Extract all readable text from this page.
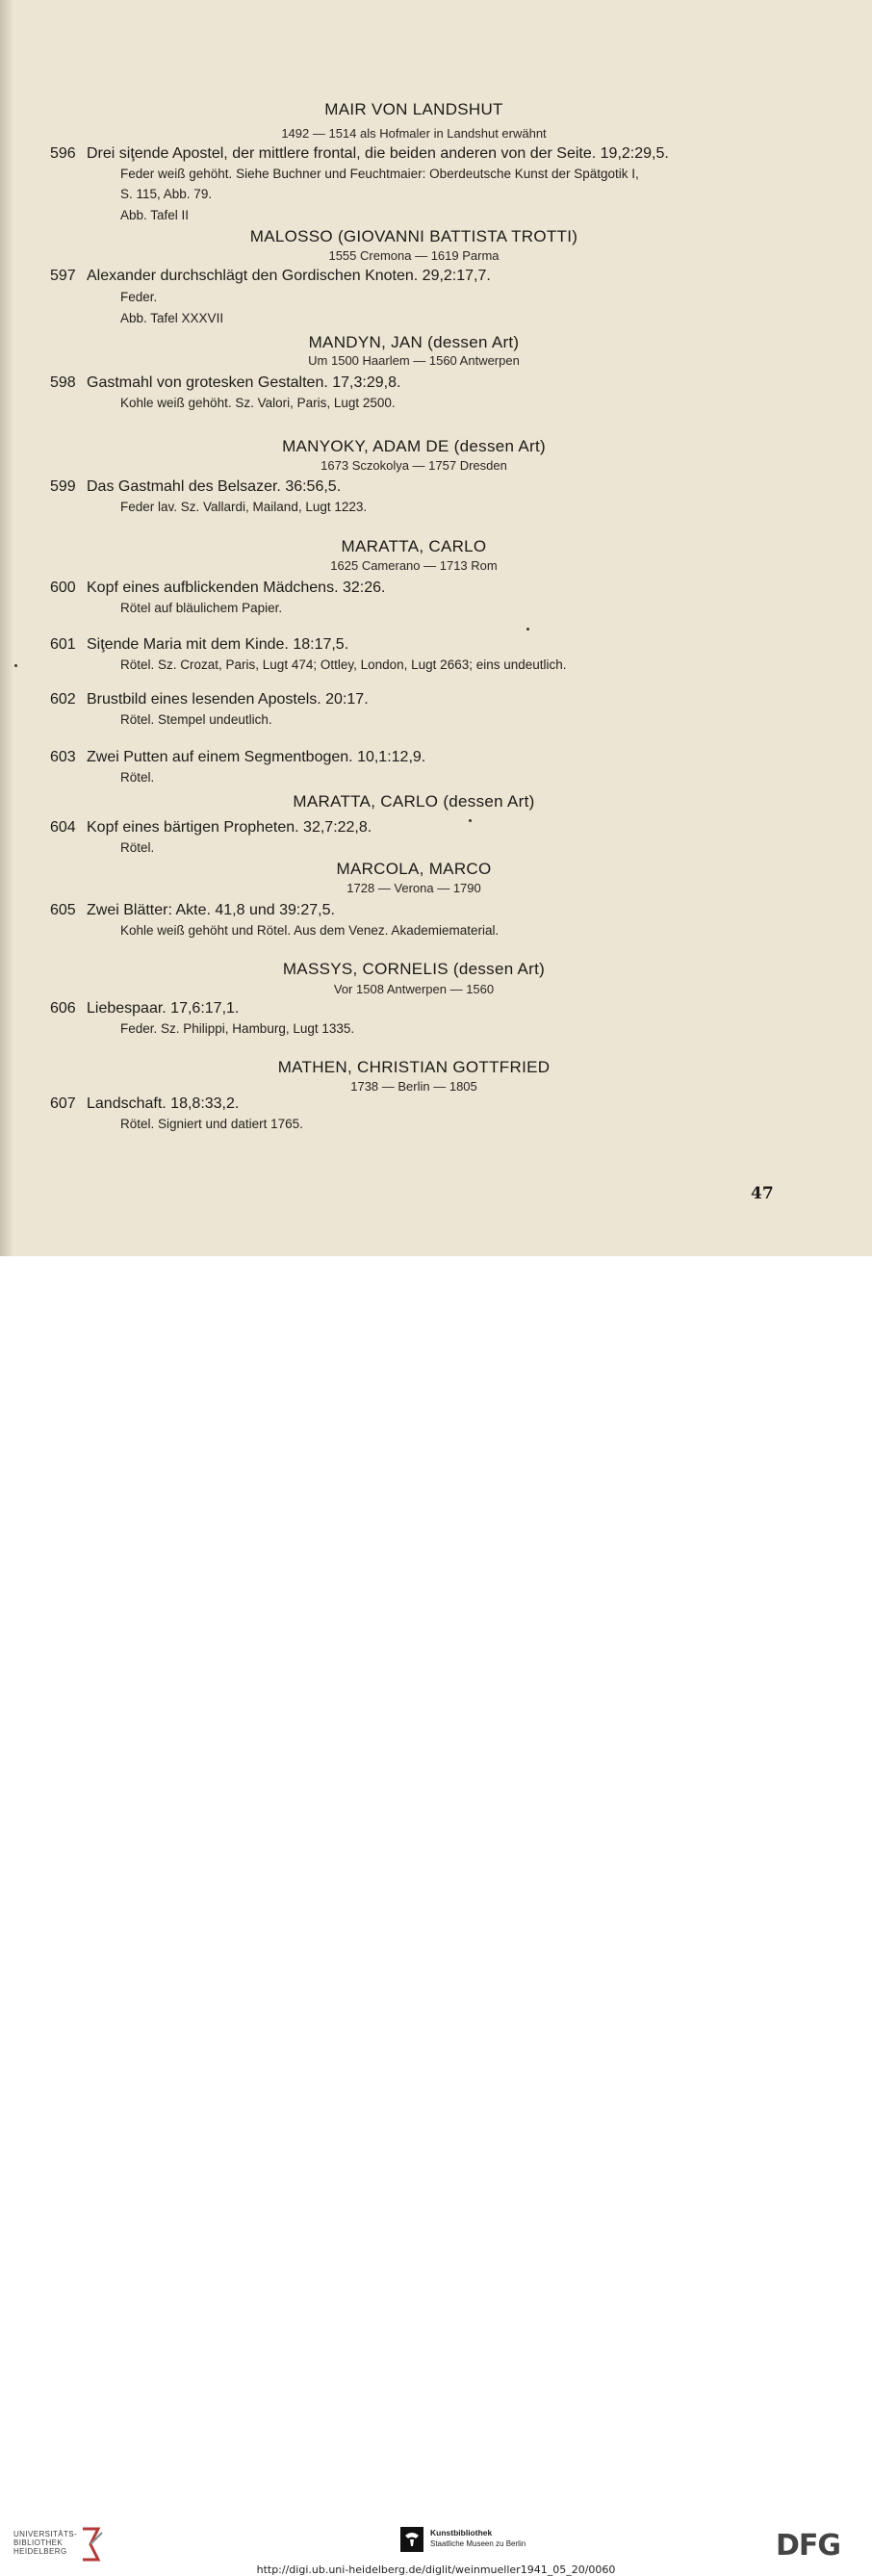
MAIR VON LANDSHUT
1492 — 1514 als Hofmaler in Landshut erwähnt
596 Drei siţende Apostel, der mittlere frontal, die beiden anderen von der Seite. 19,2:29,5.
Feder weiß gehöht. Siehe Buchner und Feuchtmaier: Oberdeutsche Kunst der Spätgotik I,
S. 115, Abb. 79.
Abb. Tafel II
MALOSSO (GIOVANNI BATTISTA TROTTI)
1555 Cremona — 1619 Parma
597 Alexander durchschlägt den Gordischen Knoten. 29,2:17,7.
Feder.
Abb. Tafel XXXVII
MANDYN, JAN (dessen Art)
Um 1500 Haarlem — 1560 Antwerpen
598 Gastmahl von grotesken Gestalten. 17,3:29,8.
Kohle weiß gehöht. Sz. Valori, Paris, Lugt 2500.
MANYOKY, ADAM DE (dessen Art)
1673 Sczokolya — 1757 Dresden
599 Das Gastmahl des Belsazer. 36:56,5.
Feder lav. Sz. Vallardi, Mailand, Lugt 1223.
MARATTA, CARLO
1625 Camerano — 1713 Rom
600 Kopf eines aufblickenden Mädchens. 32:26.
Rötel auf bläulichem Papier.
601 Siţende Maria mit dem Kinde. 18:17,5.
Rötel. Sz. Crozat, Paris, Lugt 474; Ottley, London, Lugt 2663; eins undeutlich.
602 Brustbild eines lesenden Apostels. 20:17.
Rötel. Stempel undeutlich.
603 Zwei Putten auf einem Segmentbogen. 10,1:12,9.
Rötel.
MARATTA, CARLO (dessen Art)
604 Kopf eines bärtigen Propheten. 32,7:22,8.
Rötel.
MARCOLA, MARCO
1728 — Verona — 1790
605 Zwei Blätter: Akte. 41,8 und 39:27,5.
Kohle weiß gehöht und Rötel. Aus dem Venez. Akademiematerial.
MASSYS, CORNELIS (dessen Art)
Vor 1508 Antwerpen — 1560
606 Liebespaar. 17,6:17,1.
Feder. Sz. Philippi, Hamburg, Lugt 1335.
MATHEN, CHRISTIAN GOTTFRIED
1738 — Berlin — 1805
607 Landschaft. 18,8:33,2.
Rötel. Signiert und datiert 1765.
47
UNIVERSITÄTS-
BIBLIOTHEK
HEIDELBERG
Kunstbibliothek
Staatliche Museen zu Berlin	DFG
http://digi.ub.uni-heidelberg.de/diglit/weinmueller1941_05_20/0060
